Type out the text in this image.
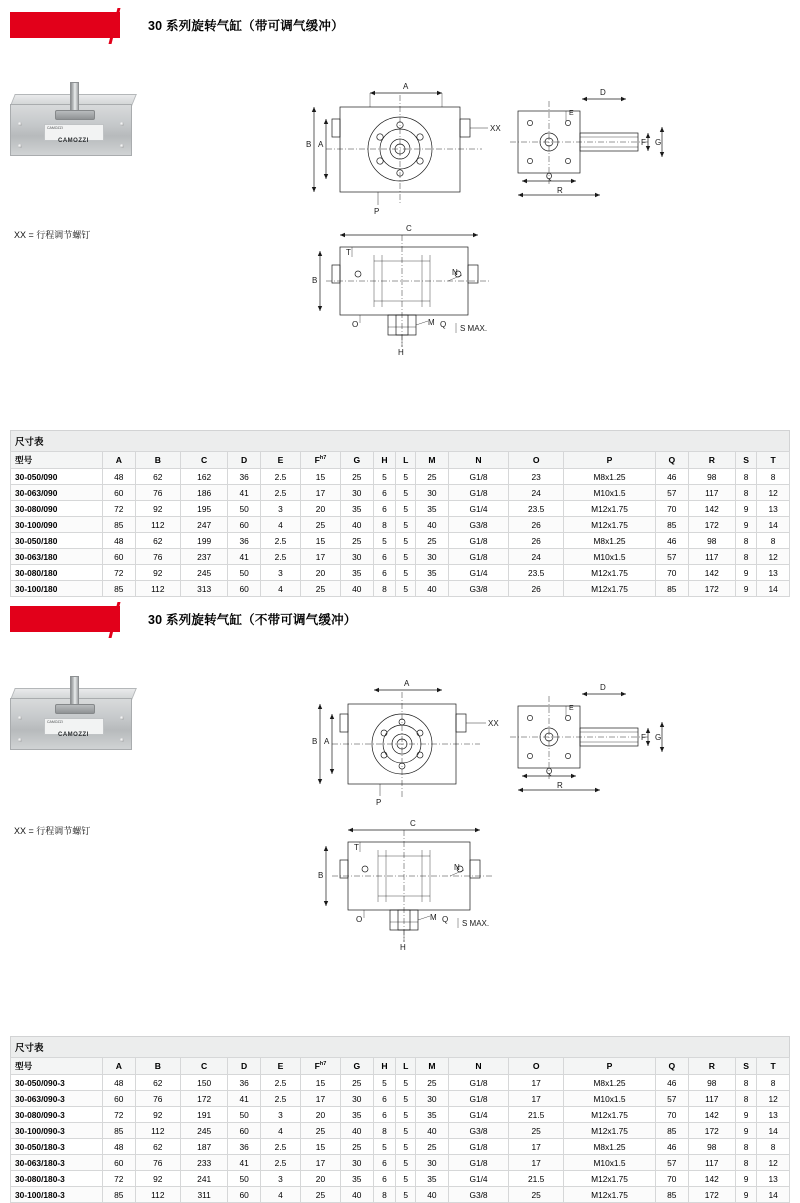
30 系列旋转气缸（带可调气缓冲）
CAMOZZI
CAMOZZI
XX = 行程调节螺钉
A
B A
XX
P
D
E
F G
Q
R
C
T
B
N
O	M Q S MAX.
H
尺寸表
型号	A	B	C	D	E	$F^{h7}$	G	H	L	M	N	O	P	Q	R	S	T
30-050/090	48	62	162	36	2.5	15	25	5	5	25	G1/8	23	M8x1.25	46	98	8	8
30-063/090	60	76	186	41	2.5	17	30	6	5	30	G1/8	24	M10x1.5	57	117	8	12
30-080/090	72	92	195	50	3	20	35	6	5	35	G1/4	23.5	M12x1.75	70	142	9	13
30-100/090	85	112	247	60	4	25	40	8	5	40	G3/8	26	M12x1.75	85	172	9	14
30-050/180	48	62	199	36	2.5	15	25	5	5	25	G1/8	26	M8x1.25	46	98	8	8
30-063/180	60	76	237	41	2.5	17	30	6	5	30	G1/8	24	M10x1.5	57	117	8	12
30-080/180	72	92	245	50	3	20	35	6	5	35	G1/4	23.5	M12x1.75	70	142	9	13
30-100/180	85	112	313	60	4	25	40	8	5	40	G3/8	26	M12x1.75	85	172	9	14
30 系列旋转气缸（不带可调气缓冲）
CAMOZZI
CAMOZZI
XX = 行程调节螺钉
A
B A
XX
P
D
E
F G
Q
R
C
T
B
N
O	M Q S MAX.
H
尺寸表
型号	A	B	C	D	E	$F^{h7}$	G	H	L	M	N	O	P	Q	R	S	T
30-050/090-3	48	62	150	36	2.5	15	25	5	5	25	G1/8	17	M8x1.25	46	98	8	8
30-063/090-3	60	76	172	41	2.5	17	30	6	5	30	G1/8	17	M10x1.5	57	117	8	12
30-080/090-3	72	92	191	50	3	20	35	6	5	35	G1/4	21.5	M12x1.75	70	142	9	13
30-100/090-3	85	112	245	60	4	25	40	8	5	40	G3/8	25	M12x1.75	85	172	9	14
30-050/180-3	48	62	187	36	2.5	15	25	5	5	25	G1/8	17	M8x1.25	46	98	8	8
30-063/180-3	60	76	233	41	2.5	17	30	6	5	30	G1/8	17	M10x1.5	57	117	8	12
30-080/180-3	72	92	241	50	3	20	35	6	5	35	G1/4	21.5	M12x1.75	70	142	9	13
30-100/180-3	85	112	311	60	4	25	40	8	5	40	G3/8	25	M12x1.75	85	172	9	14
